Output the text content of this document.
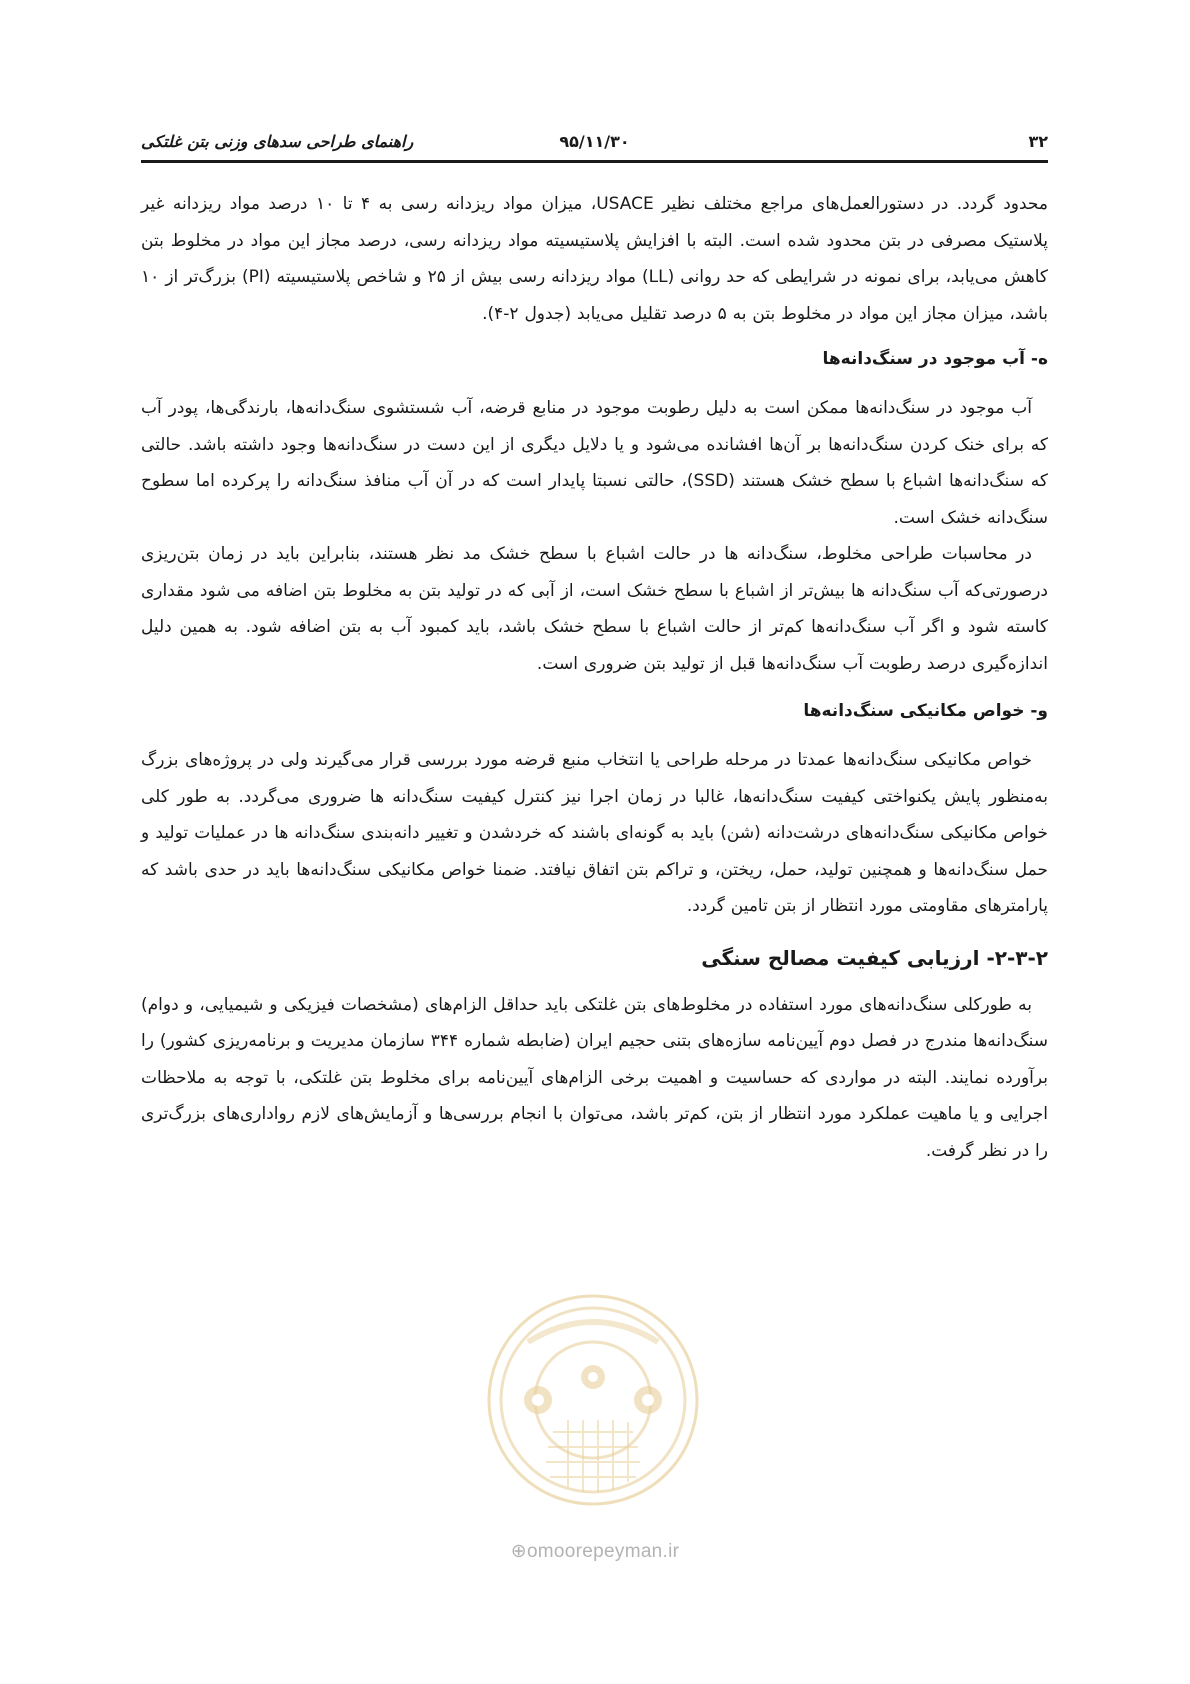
۳۲
۹۵/۱۱/۳۰
راهنمای طراحی سدهای وزنی بتن غلتکی

محدود گردد. در دستورالعمل‌های مراجع مختلف نظیر USACE، میزان مواد ریزدانه رسی به ۴ تا ۱۰ درصد مواد ریزدانه غیر پلاستیک مصرفی در بتن محدود شده است. البته با افزایش پلاستیسیته مواد ریزدانه رسی، درصد مجاز این مواد در مخلوط بتن کاهش می‌یابد، برای نمونه در شرایطی که حد روانی (LL) مواد ریزدانه رسی بیش از ۲۵ و شاخص پلاستیسیته (PI) بزرگ‌تر از ۱۰ باشد، میزان مجاز این مواد در مخلوط بتن به ۵ درصد تقلیل می‌یابد (جدول ۲-۴).

ه- آب موجود در سنگ‌دانه‌ها

آب موجود در سنگ‌دانه‌ها ممکن است به دلیل رطوبت موجود در منابع قرضه، آب شستشوی سنگ‌دانه‌ها، بارندگی‌ها، پودر آب که برای خنک کردن سنگ‌دانه‌ها بر آن‌ها افشانده می‌شود و یا دلایل دیگری از این دست در سنگ‌دانه‌ها وجود داشته باشد. حالتی که سنگ‌دانه‌ها اشباع با سطح خشک هستند (SSD)، حالتی نسبتا پایدار است که در آن آب منافذ سنگ‌دانه را پرکرده اما سطوح سنگ‌دانه خشک است.

در محاسبات طراحی مخلوط، سنگ‌دانه ها در حالت اشباع با سطح خشک مد نظر هستند، بنابراین باید در زمان بتن‌ریزی درصورتی‌که آب سنگ‌دانه ها بیش‌تر از اشباع با سطح خشک است، از آبی که در تولید بتن به مخلوط بتن اضافه می شود مقداری کاسته شود و اگر آب سنگ‌دانه‌ها کم‌تر از حالت اشباع با سطح خشک باشد، باید کمبود آب به بتن اضافه شود. به همین دلیل اندازه‌گیری درصد رطوبت آب سنگ‌دانه‌ها قبل از تولید بتن ضروری است.

و- خواص مکانیکی سنگ‌دانه‌ها

خواص مکانیکی سنگ‌دانه‌ها عمدتا در مرحله طراحی یا انتخاب منبع قرضه مورد بررسی قرار می‌گیرند ولی در پروژه‌های بزرگ به‌منظور پایش یکنواختی کیفیت سنگ‌دانه‌ها، غالبا در زمان اجرا نیز کنترل کیفیت سنگ‌دانه ها ضروری می‌گردد. به طور کلی خواص مکانیکی سنگ‌دانه‌های درشت‌دانه (شن) باید به گونه‌ای باشند که خردشدن و تغییر دانه‌بندی سنگ‌دانه ها در عملیات تولید و حمل سنگ‌دانه‌ها و همچنین تولید، حمل، ریختن، و تراکم بتن اتفاق نیافتد. ضمنا خواص مکانیکی سنگ‌دانه‌ها باید در حدی باشد که پارامترهای مقاومتی مورد انتظار از بتن تامین گردد.

۲-۳-۲- ارزیابی کیفیت مصالح سنگی

به طورکلی سنگ‌دانه‌های مورد استفاده در مخلوط‌های بتن غلتکی باید حداقل الزام‌های (مشخصات فیزیکی و شیمیایی، و دوام) سنگ‌دانه‌ها مندرج در فصل دوم آیین‌نامه سازه‌های بتنی حجیم ایران (ضابطه شماره ۳۴۴ سازمان مدیریت و برنامه‌ریزی کشور) را برآورده نمایند. البته در مواردی که حساسیت و اهمیت برخی الزام‌های آیین‌نامه برای مخلوط بتن غلتکی، با توجه به ملاحظات اجرایی و یا ماهیت عملکرد مورد انتظار از بتن، کم‌تر باشد، می‌توان با انجام بررسی‌ها و آزمایش‌های لازم رواداری‌های بزرگ‌تری را در نظر گرفت.

⊕omoorepeyman.ir
